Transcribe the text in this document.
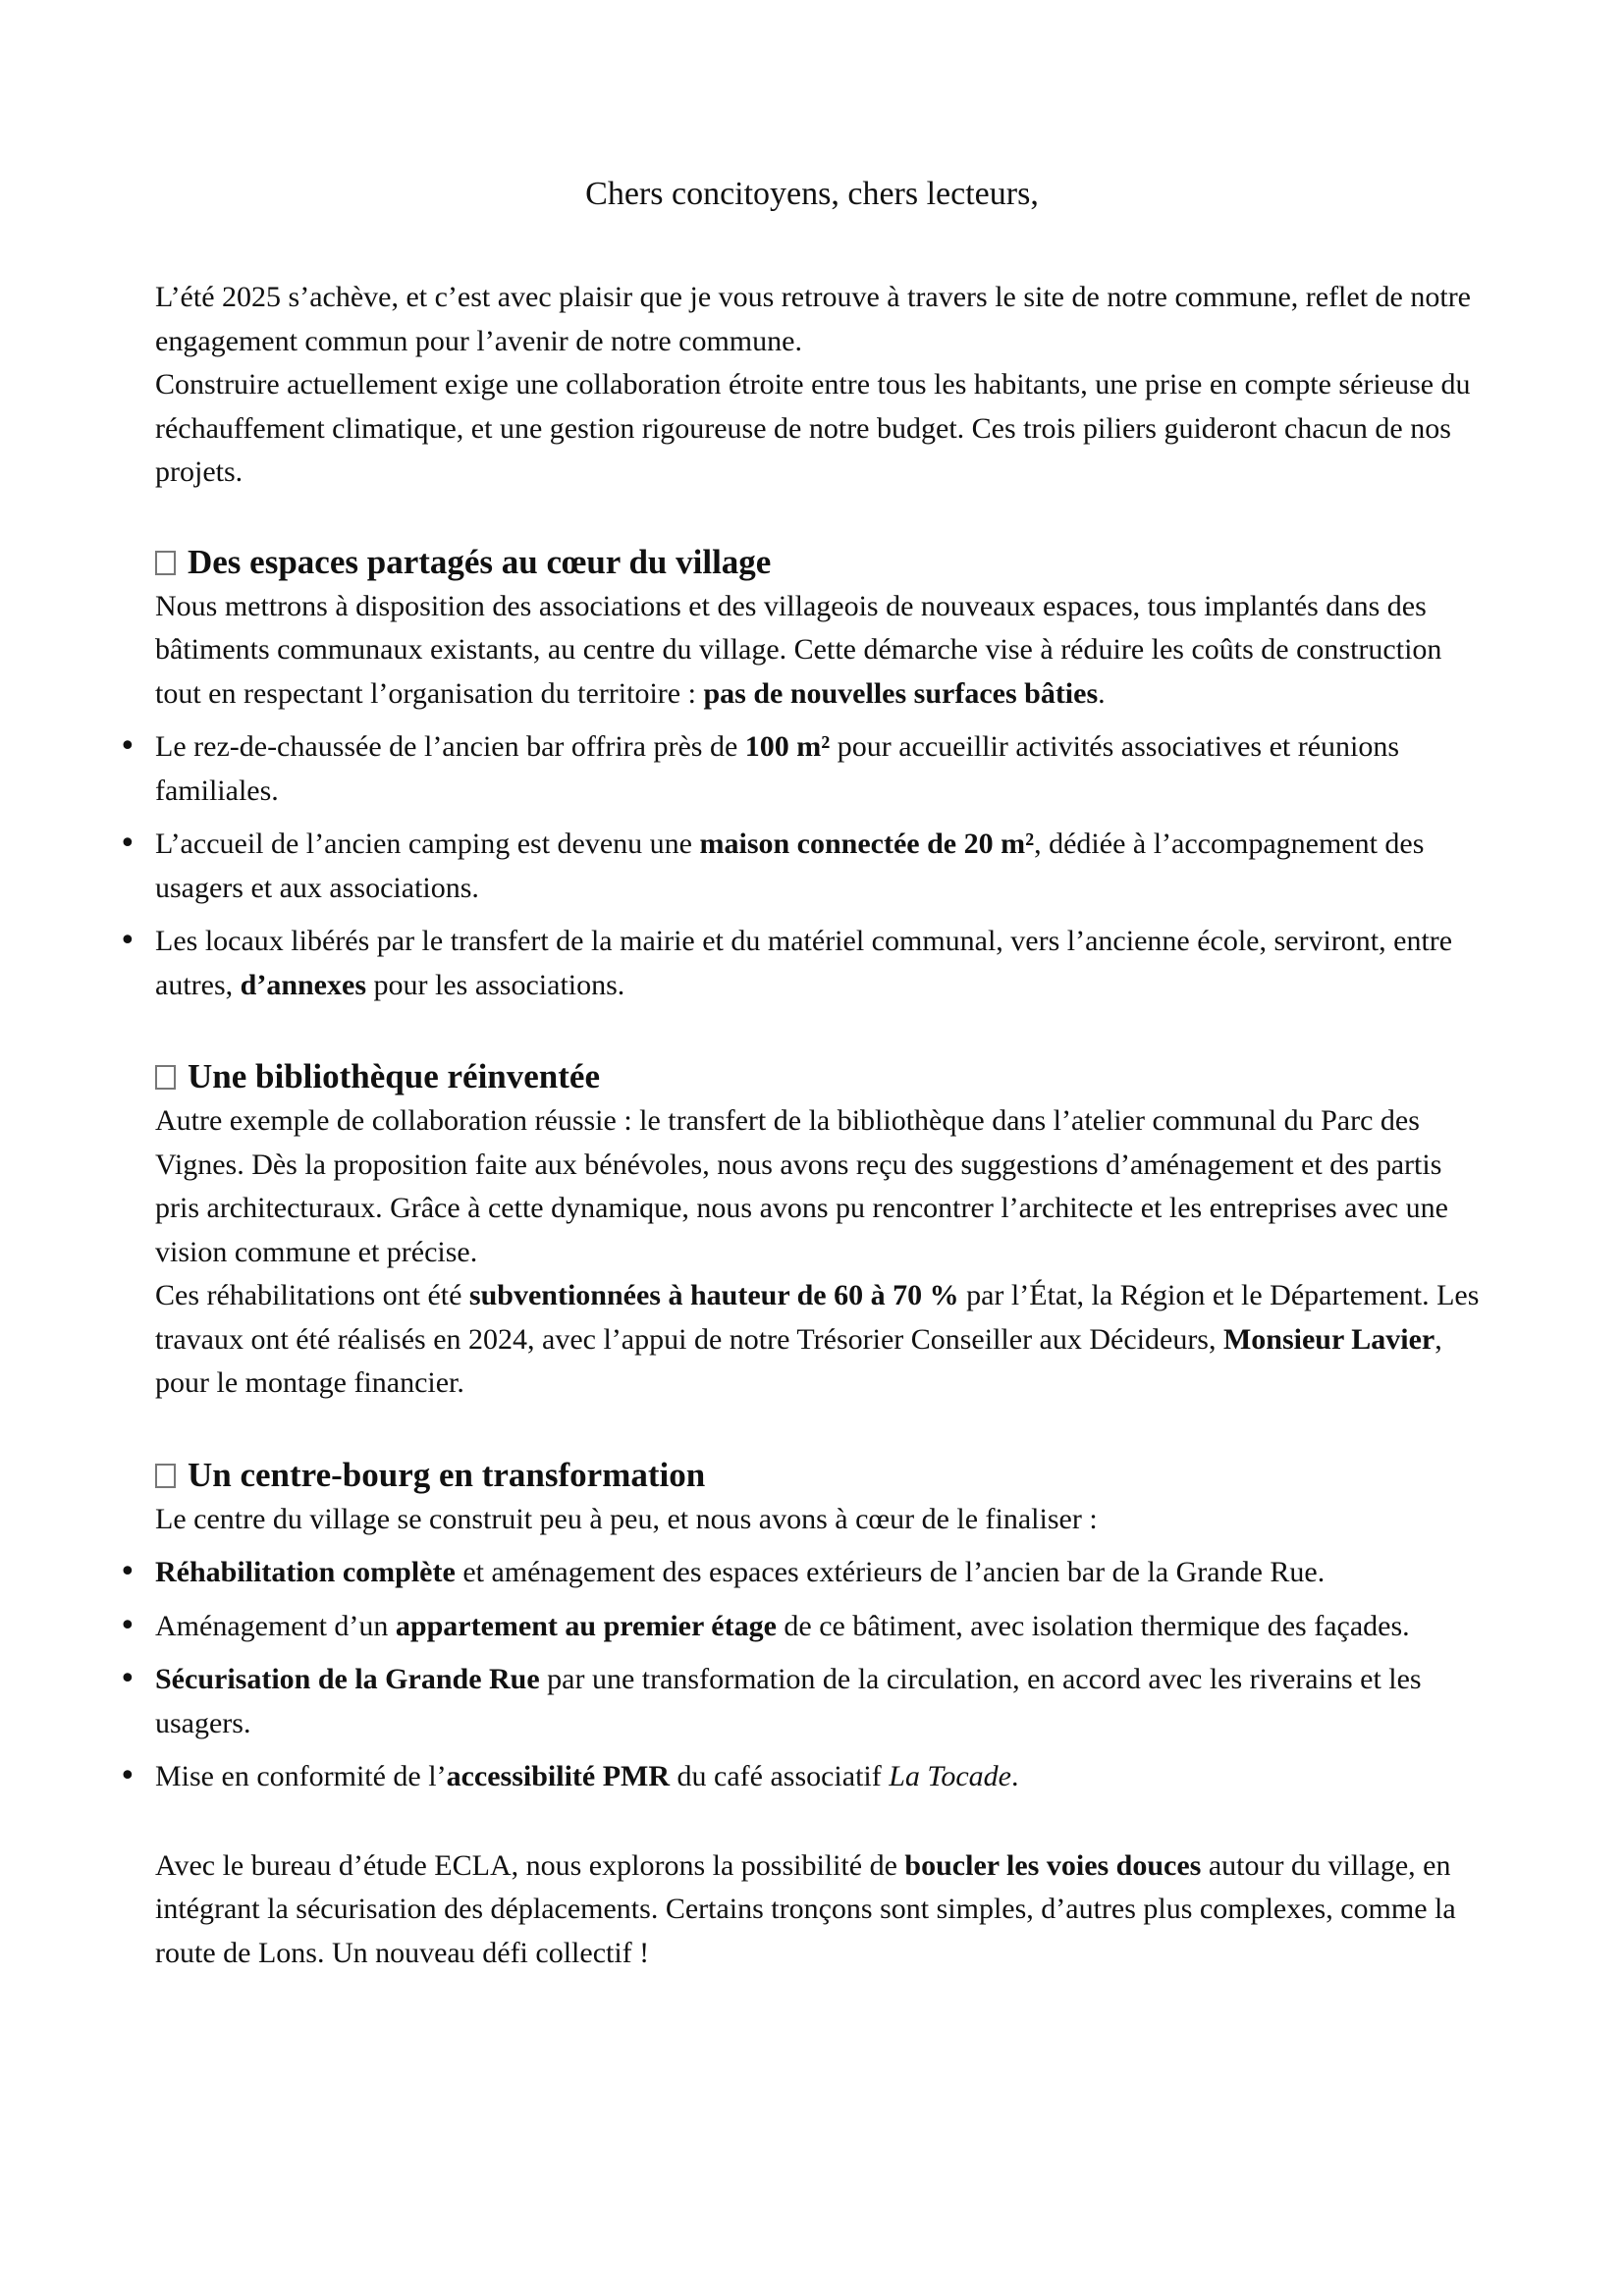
Chers concitoyens, chers lecteurs,

L’été 2025 s’achève, et c’est avec plaisir que je vous retrouve à travers le site de notre commune, reflet de notre engagement commun pour l’avenir de notre commune.

Construire actuellement exige une collaboration étroite entre tous les habitants, une prise en compte sérieuse du réchauffement climatique, et une gestion rigoureuse de notre budget. Ces trois piliers guideront chacun de nos projets.

Des espaces partagés au cœur du village

Nous mettrons à disposition des associations et des villageois de nouveaux espaces, tous implantés dans des bâtiments communaux existants, au centre du village. Cette démarche vise à réduire les coûts de construction tout en respectant l’organisation du territoire : pas de nouvelles surfaces bâties.

• Le rez-de-chaussée de l’ancien bar offrira près de 100 m² pour accueillir activités associatives et réunions familiales.
• L’accueil de l’ancien camping est devenu une maison connectée de 20 m², dédiée à l’accompagnement des usagers et aux associations.
• Les locaux libérés par le transfert de la mairie et du matériel communal, vers l’ancienne école, serviront, entre autres, d’annexes pour les associations.
Une bibliothèque réinventée

Autre exemple de collaboration réussie : le transfert de la bibliothèque dans l’atelier communal du Parc des Vignes. Dès la proposition faite aux bénévoles, nous avons reçu des suggestions d’aménagement et des partis pris architecturaux. Grâce à cette dynamique, nous avons pu rencontrer l’architecte et les entreprises avec une vision commune et précise.

Ces réhabilitations ont été subventionnées à hauteur de 60 à 70 % par l’État, la Région et le Département. Les travaux ont été réalisés en 2024, avec l’appui de notre Trésorier Conseiller aux Décideurs, Monsieur Lavier, pour le montage financier.

Un centre-bourg en transformation

Le centre du village se construit peu à peu, et nous avons à cœur de le finaliser :

• Réhabilitation complète et aménagement des espaces extérieurs de l’ancien bar de la Grande Rue.
• Aménagement d’un appartement au premier étage de ce bâtiment, avec isolation thermique des façades.
• Sécurisation de la Grande Rue par une transformation de la circulation, en accord avec les riverains et les usagers.
• Mise en conformité de l’accessibilité PMR du café associatif La Tocade.

Avec le bureau d’étude ECLA, nous explorons la possibilité de boucler les voies douces autour du village, en intégrant la sécurisation des déplacements. Certains tronçons sont simples, d’autres plus complexes, comme la route de Lons. Un nouveau défi collectif !
